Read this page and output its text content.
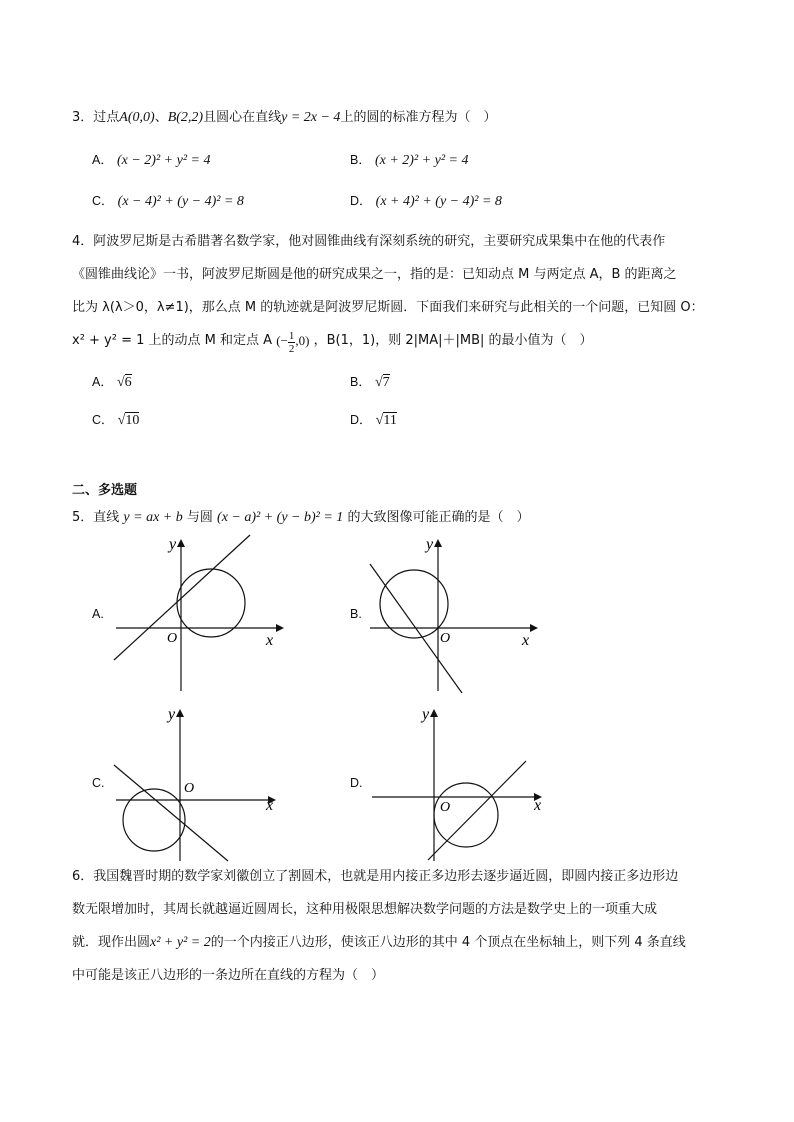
3．过点A(0,0)、B(2,2)且圆心在直线y = 2x − 4上的圆的标准方程为（　）
A． (x − 2)² + y² = 4	B． (x + 2)² + y² = 4
C． (x − 4)² + (y − 4)² = 8	D． (x + 4)² + (y − 4)² = 8
4．阿波罗尼斯是古希腊著名数学家，他对圆锥曲线有深刻系统的研究，主要研究成果集中在他的代表作
《圆锥曲线论》一书，阿波罗尼斯圆是他的研究成果之一，指的是：已知动点 M 与两定点 A，B 的距离之
比为 λ(λ＞0，λ≠1)，那么点 M 的轨迹就是阿波罗尼斯圆．下面我们来研究与此相关的一个问题，已知圆 O：
x² + y² = 1 上的动点 M 和定点 A (− $\frac{1}{2} ,0$) ，B(1，1)，则 2|MA|＋|MB| 的最小值为（　）
A． √6	B． √7
C． √10	D． √11
二、多选题
5．直线 y = ax + b 与圆 (x − a)² + (y − b)² = 1 的大致图像可能正确的是（　）
A.
x
y
O
B.
x
y
O
C.
x
y
O	D.
x
y
O
6．我国魏晋时期的数学家刘徽创立了割圆术，也就是用内接正多边形去逐步逼近圆，即圆内接正多边形边
数无限增加时，其周长就越逼近圆周长，这种用极限思想解决数学问题的方法是数学史上的一项重大成
就．现作出圆x² + y² = 2的一个内接正八边形，使该正八边形的其中 4 个顶点在坐标轴上，则下列 4 条直线
中可能是该正八边形的一条边所在直线的方程为（　）
